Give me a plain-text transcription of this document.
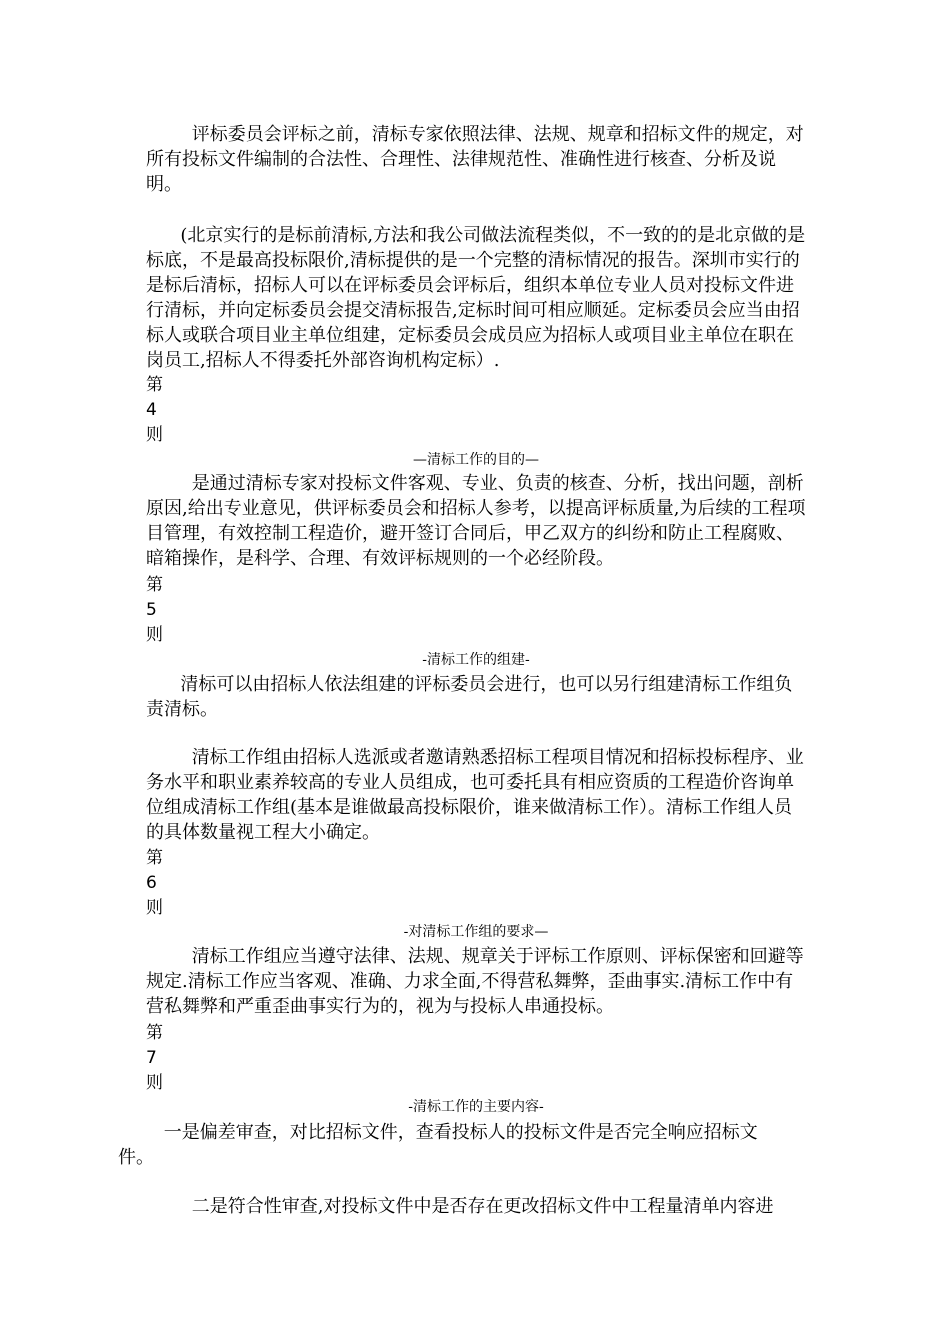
评标委员会评标之前，清标专家依照法律、法规、规章和招标文件的规定，对所有投标文件编制的合法性、合理性、法律规范性、准确性进行核查、分析及说明。
(北京实行的是标前清标,方法和我公司做法流程类似，不一致的的是北京做的是标底，不是最高投标限价,清标提供的是一个完整的清标情况的报告。深圳市实行的是标后清标，招标人可以在评标委员会评标后，组织本单位专业人员对投标文件进行清标，并向定标委员会提交清标报告,定标时间可相应顺延。定标委员会应当由招标人或联合项目业主单位组建，定标委员会成员应为招标人或项目业主单位在职在岗员工,招标人不得委托外部咨询机构定标）.
第
4
则
—清标工作的目的—
是通过清标专家对投标文件客观、专业、负责的核查、分析，找出问题，剖析原因,给出专业意见，供评标委员会和招标人参考，以提高评标质量,为后续的工程项目管理，有效控制工程造价，避开签订合同后，甲乙双方的纠纷和防止工程腐败、暗箱操作，是科学、合理、有效评标规则的一个必经阶段。
第
5
则
-清标工作的组建-
清标可以由招标人依法组建的评标委员会进行，也可以另行组建清标工作组负责清标。
清标工作组由招标人选派或者邀请熟悉招标工程项目情况和招标投标程序、业务水平和职业素养较高的专业人员组成，也可委托具有相应资质的工程造价咨询单位组成清标工作组(基本是谁做最高投标限价，谁来做清标工作）。清标工作组人员的具体数量视工程大小确定。
第
6
则
-对清标工作组的要求—
清标工作组应当遵守法律、法规、规章关于评标工作原则、评标保密和回避等规定.清标工作应当客观、准确、力求全面,不得营私舞弊，歪曲事实.清标工作中有营私舞弊和严重歪曲事实行为的，视为与投标人串通投标。
第
7
则
-清标工作的主要内容-
一是偏差审查，对比招标文件，查看投标人的投标文件是否完全响应招标文件。
二是符合性审查,对投标文件中是否存在更改招标文件中工程量清单内容进
